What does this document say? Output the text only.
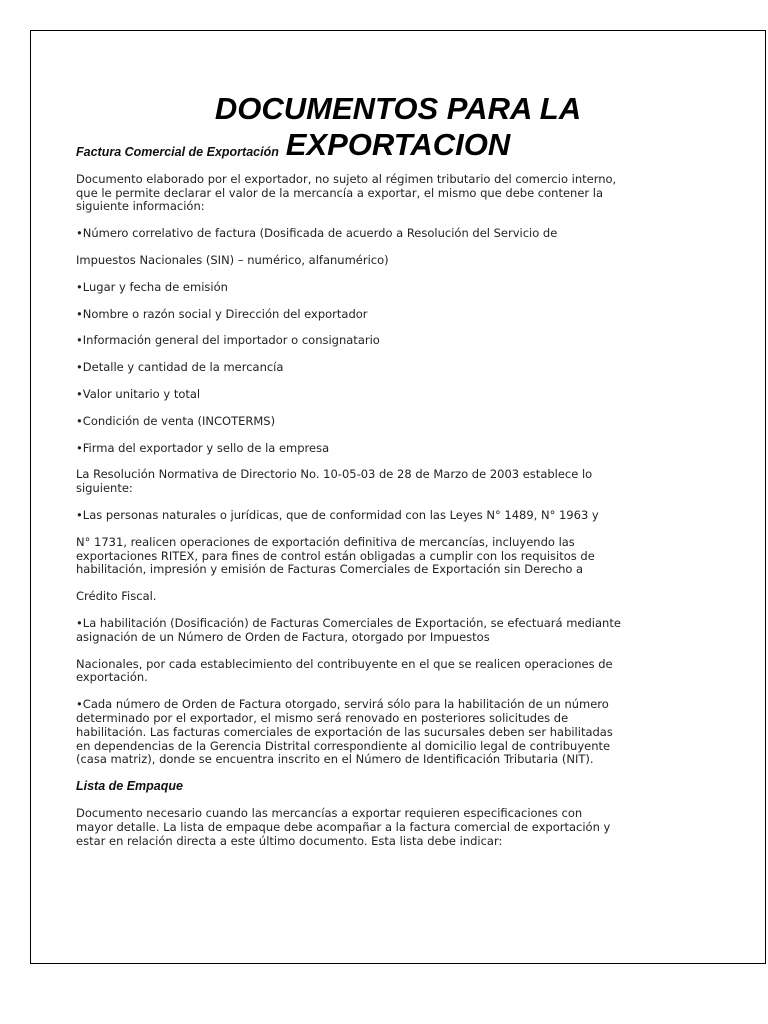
DOCUMENTOS PARA LA
EXPORTACION

Factura Comercial de Exportación

Documento elaborado por el exportador, no sujeto al régimen tributario del comercio interno, que le permite declarar el valor de la mercancía a exportar, el mismo que debe contener la siguiente información:

•Número correlativo de factura (Dosificada de acuerdo a Resolución del Servicio de

Impuestos Nacionales (SIN) – numérico, alfanumérico)

•Lugar y fecha de emisión

•Nombre o razón social y Dirección del exportador

•Información general del importador o consignatario

•Detalle y cantidad de la mercancía

•Valor unitario y total

•Condición de venta (INCOTERMS)

•Firma del exportador y sello de la empresa

La Resolución Normativa de Directorio No. 10-05-03 de 28 de Marzo de 2003 establece lo siguiente:

•Las personas naturales o jurídicas, que de conformidad con las Leyes N° 1489, N° 1963 y

N° 1731, realicen operaciones de exportación definitiva de mercancías, incluyendo las exportaciones RITEX, para fines de control están obligadas a cumplir con los requisitos de habilitación, impresión y emisión de Facturas Comerciales de Exportación sin Derecho a

Crédito Fiscal.

•La habilitación (Dosificación) de Facturas Comerciales de Exportación, se efectuará mediante asignación de un Número de Orden de Factura, otorgado por Impuestos

Nacionales, por cada establecimiento del contribuyente en el que se realicen operaciones de exportación.

•Cada número de Orden de Factura otorgado, servirá sólo para la habilitación de un número determinado por el exportador, el mismo será renovado en posteriores solicitudes de habilitación. Las facturas comerciales de exportación de las sucursales deben ser habilitadas en dependencias de la Gerencia Distrital correspondiente al domicilio legal de contribuyente (casa matriz), donde se encuentra inscrito en el Número de Identificación Tributaria (NIT).

Lista de Empaque

Documento necesario cuando las mercancías a exportar requieren especificaciones con mayor detalle. La lista de empaque debe acompañar a la factura comercial de exportación y estar en relación directa a este último documento. Esta lista debe indicar:
